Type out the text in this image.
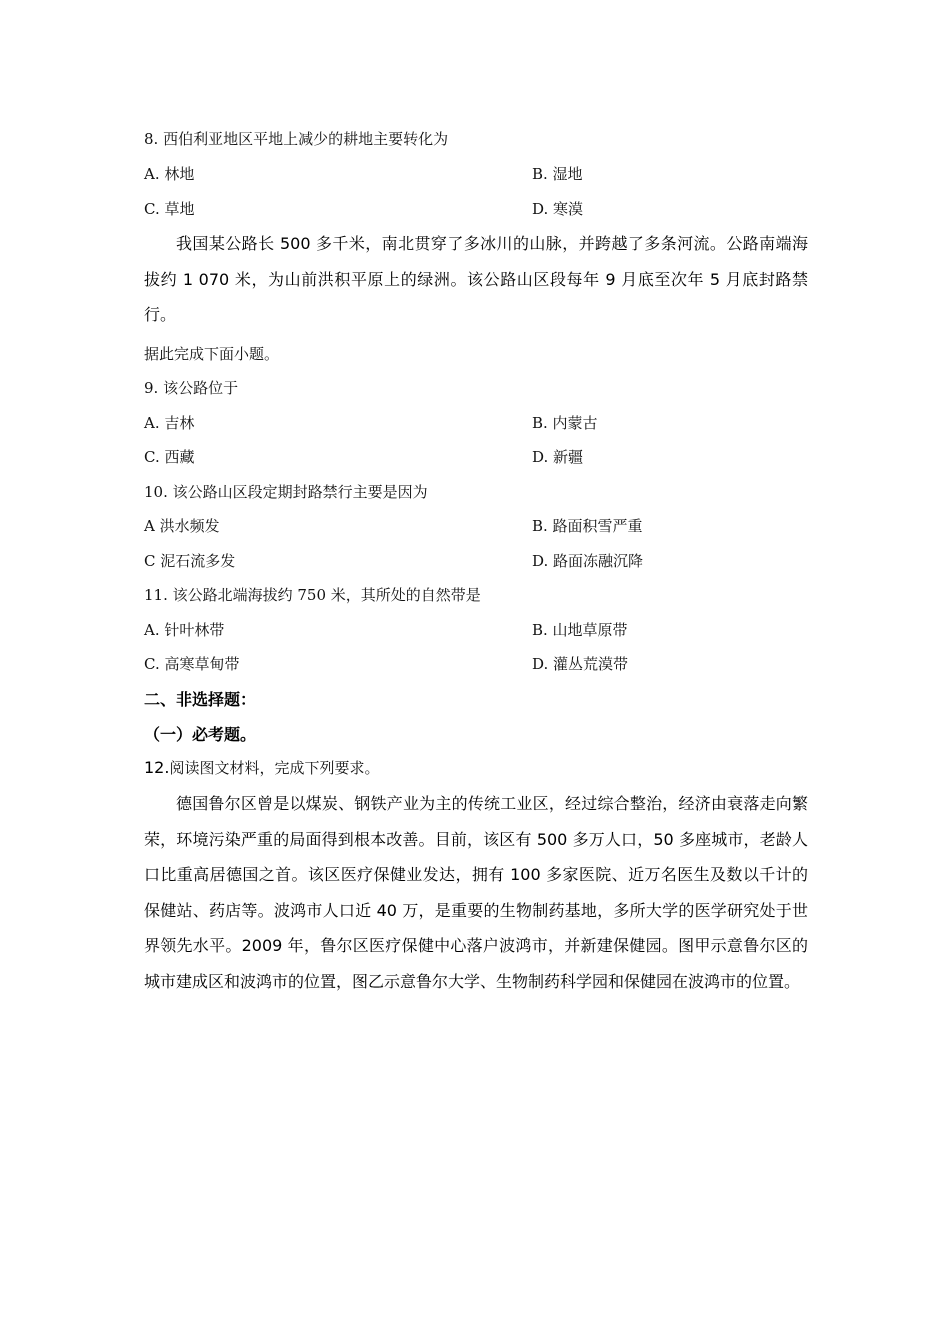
8. 西伯利亚地区平地上减少的耕地主要转化为
A. 林地	B. 湿地
C. 草地	D. 寒漠
我国某公路长 500 多千米，南北贯穿了多冰川的山脉，并跨越了多条河流。公路南端海拔约 1 070 米，为山前洪积平原上的绿洲。该公路山区段每年 9 月底至次年 5 月底封路禁行。
据此完成下面小题。
9. 该公路位于
A. 吉林	B. 内蒙古
C. 西藏	D. 新疆
10. 该公路山区段定期封路禁行主要是因为
A 洪水频发	B. 路面积雪严重
C 泥石流多发	D. 路面冻融沉降
11. 该公路北端海拔约 750 米，其所处的自然带是
A. 针叶林带	B. 山地草原带
C. 高寒草甸带	D. 灌丛荒漠带
二、非选择题：
（一）必考题。
12.阅读图文材料，完成下列要求。
德国鲁尔区曾是以煤炭、钢铁产业为主的传统工业区，经过综合整治，经济由衰落走向繁荣，环境污染严重的局面得到根本改善。目前，该区有 500 多万人口，50 多座城市，老龄人口比重高居德国之首。该区医疗保健业发达，拥有 100 多家医院、近万名医生及数以千计的保健站、药店等。波鸿市人口近 40 万，是重要的生物制药基地，多所大学的医学研究处于世界领先水平。2009 年，鲁尔区医疗保健中心落户波鸿市，并新建保健园。图甲示意鲁尔区的城市建成区和波鸿市的位置，图乙示意鲁尔大学、生物制药科学园和保健园在波鸿市的位置。
